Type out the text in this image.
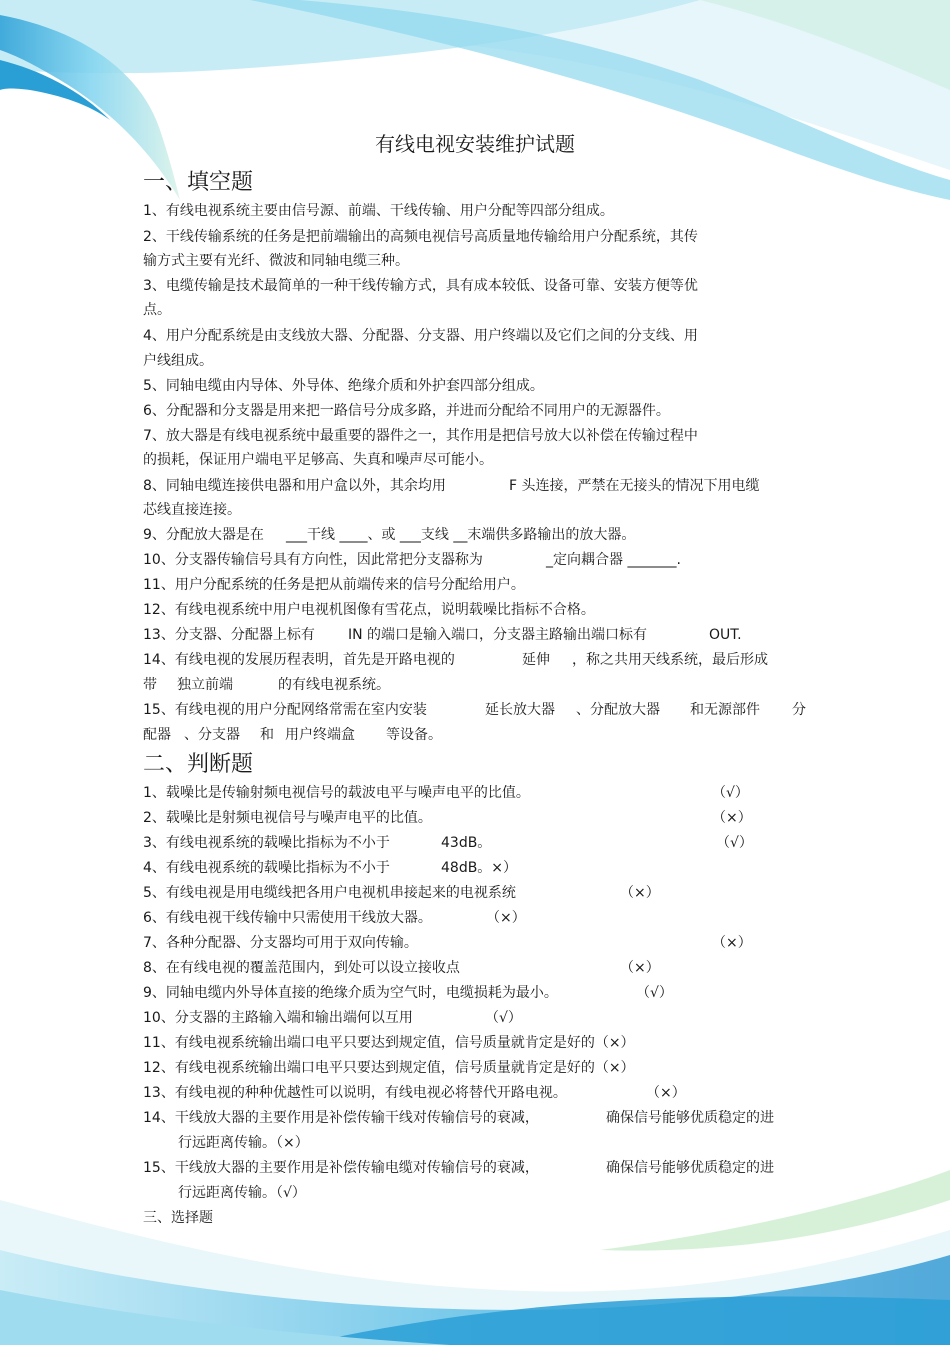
有线电视安装维护试题

一、填空题

1、有线电视系统主要由信号源、前端、干线传输、用户分配等四部分组成。

2、干线传输系统的任务是把前端输出的高频电视信号高质量地传输给用户分配系统，其传

输方式主要有光纤、微波和同轴电缆三种。

3、电缆传输是技术最简单的一种干线传输方式，具有成本较低、设备可靠、安装方便等优

点。

4、用户分配系统是由支线放大器、分配器、分支器、用户终端以及它们之间的分支线、用

户线组成。

5、同轴电缆由内导体、外导体、绝缘介质和外护套四部分组成。

6、分配器和分支器是用来把一路信号分成多路，并进而分配给不同用户的无源器件。

7、放大器是有线电视系统中最重要的器件之一，其作用是把信号放大以补偿在传输过程中

的损耗，保证用户端电平足够高、失真和噪声尽可能小。

8、同轴电缆连接供电器和用户盒以外，其余均用

	F 头连接，严禁在无接头的情况下用电缆

芯线直接连接。

9、分配放大器是在

___干线 ____、或 ___支线 __末端供多路输出的放大器。

10、分支器传输信号具有方向性，因此常把分支器称为

	_定向耦合器 _______.

11、用户分配系统的任务是把从前端传来的信号分配给用户。

12、有线电视系统中用户电视机图像有雪花点，说明载噪比指标不合格。

13、分支器、分配器上标有

IN 的端口是输入端口，分支器主路输出端口标有

	OUT.

14、有线电视的发展历程表明，首先是开路电视的

	延伸

，称之共用天线系统，最后形成

带

独立前端

	的有线电视系统。

15、有线电视的用户分配网络常需在室内安装

	延长放大器

、分配放大器

和无源部件

分

配器

、分支器

和

用户终端盒

等设备。

二、判断题

1、载噪比是传输射频电视信号的载波电平与噪声电平的比值。

	（√）

2、载噪比是射频电视信号与噪声电平的比值。

	（×）

3、有线电视系统的载噪比指标为不小于

	43dB。

	（√）

4、有线电视系统的载噪比指标为不小于

	48dB。×）

5、有线电视是用电缆线把各用户电视机串接起来的电视系统

	（×）

6、有线电视干线传输中只需使用干线放大器。

	（×）

7、各种分配器、分支器均可用于双向传输。

	（×）

8、在有线电视的覆盖范围内，到处可以设立接收点

	（×）

9、同轴电缆内外导体直接的绝缘介质为空气时，电缆损耗为最小。

	（√）

10、分支器的主路输入端和输出端何以互用

	（√）

11、有线电视系统输出端口电平只要达到规定值，信号质量就肯定是好的（×）

12、有线电视系统输出端口电平只要达到规定值，信号质量就肯定是好的（×）

13、有线电视的种种优越性可以说明，有线电视必将替代开路电视。

	（×）

14、干线放大器的主要作用是补偿传输干线对传输信号的衰减，

	确保信号能够优质稳定的进

行远距离传输。（×）

15、干线放大器的主要作用是补偿传输电缆对传输信号的衰减，

	确保信号能够优质稳定的进

行远距离传输。（√）

三、选择题
